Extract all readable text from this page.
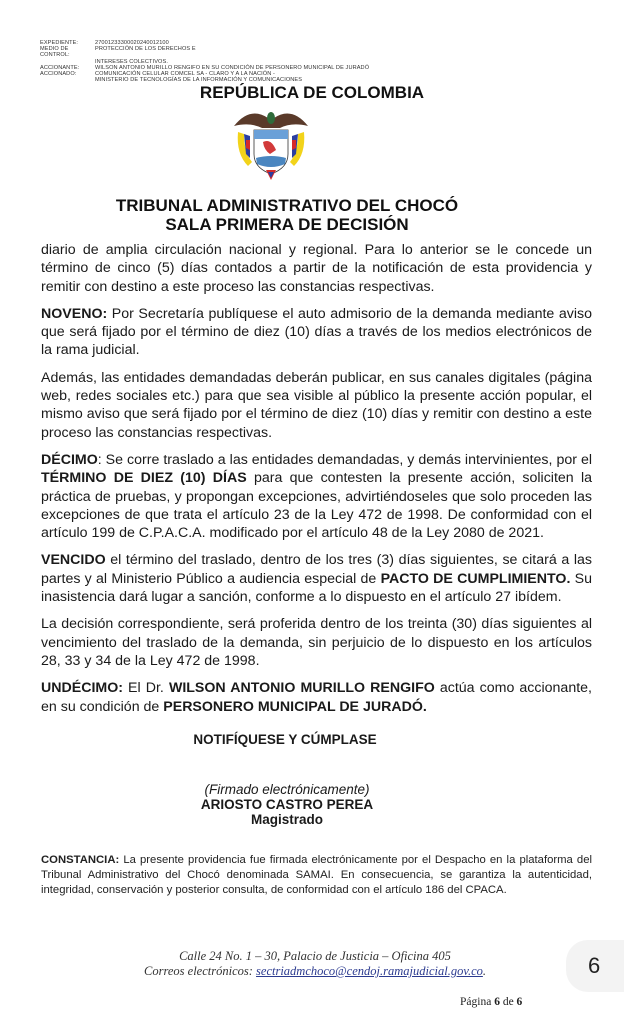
EXPEDIENTE:	27001233300020240012100
MEDIO DE CONTROL:
PROTECCIÓN DE LOS DERECHOS E
INTERESES COLECTIVOS.
ACCIONANTE:	WILSON ANTONIO MURILLO RENGIFO EN SU CONDICIÓN DE PERSONERO MUNICIPAL DE JURADÓ
ACCIONADO:	COMUNICACIÓN CELULAR COMCEL SA - CLARO Y A LA NACIÓN -
MINISTERIO DE TECNOLOGÍAS DE LA INFORMACIÓN Y COMUNICACIONES
REPÚBLICA DE COLOMBIA
TRIBUNAL ADMINISTRATIVO DEL CHOCÓ
SALA PRIMERA DE DECISIÓN

diario de amplia circulación nacional y regional. Para lo anterior se le concede un término de cinco (5) días contados a partir de la notificación de esta providencia y remitir con destino a este proceso las constancias respectivas.

NOVENO: Por Secretaría publíquese el auto admisorio de la demanda mediante aviso que será fijado por el término de diez (10) días a través de los medios electrónicos de la rama judicial.

Además, las entidades demandadas deberán publicar, en sus canales digitales (página web, redes sociales etc.) para que sea visible al público la presente acción popular, el mismo aviso que será fijado por el término de diez (10) días y remitir con destino a este proceso las constancias respectivas.

DÉCIMO: Se corre traslado a las entidades demandadas, y demás intervinientes, por el TÉRMINO DE DIEZ (10) DÍAS para que contesten la presente acción, soliciten la práctica de pruebas, y propongan excepciones, advirtiéndoseles que solo proceden las excepciones de que trata el artículo 23 de la Ley 472 de 1998. De conformidad con el artículo 199 de C.P.A.C.A. modificado por el artículo 48 de la Ley 2080 de 2021.

VENCIDO el término del traslado, dentro de los tres (3) días siguientes, se citará a las partes y al Ministerio Público a audiencia especial de PACTO DE CUMPLIMIENTO. Su inasistencia dará lugar a sanción, conforme a lo dispuesto en el artículo 27 ibídem.

La decisión correspondiente, será proferida dentro de los treinta (30) días siguientes al vencimiento del traslado de la demanda, sin perjuicio de lo dispuesto en los artículos 28, 33 y 34 de la Ley 472 de 1998.

UNDÉCIMO: El Dr. WILSON ANTONIO MURILLO RENGIFO actúa como accionante, en su condición de PERSONERO MUNICIPAL DE JURADÓ.

NOTIFÍQUESE Y CÚMPLASE
(Firmado electrónicamente)
ARIOSTO CASTRO PEREA
Magistrado
CONSTANCIA: La presente providencia fue firmada electrónicamente por el Despacho en la plataforma del Tribunal Administrativo del Chocó denominada SAMAI. En consecuencia, se garantiza la autenticidad, integridad, conservación y posterior consulta, de conformidad con el artículo 186 del CPACA.
Calle 24 No. 1 – 30, Palacio de Justicia – Oficina 405
Correos electrónicos: sectriadmchoco@cendoj.ramajudicial.gov.co.	6
Página 6 de 6
